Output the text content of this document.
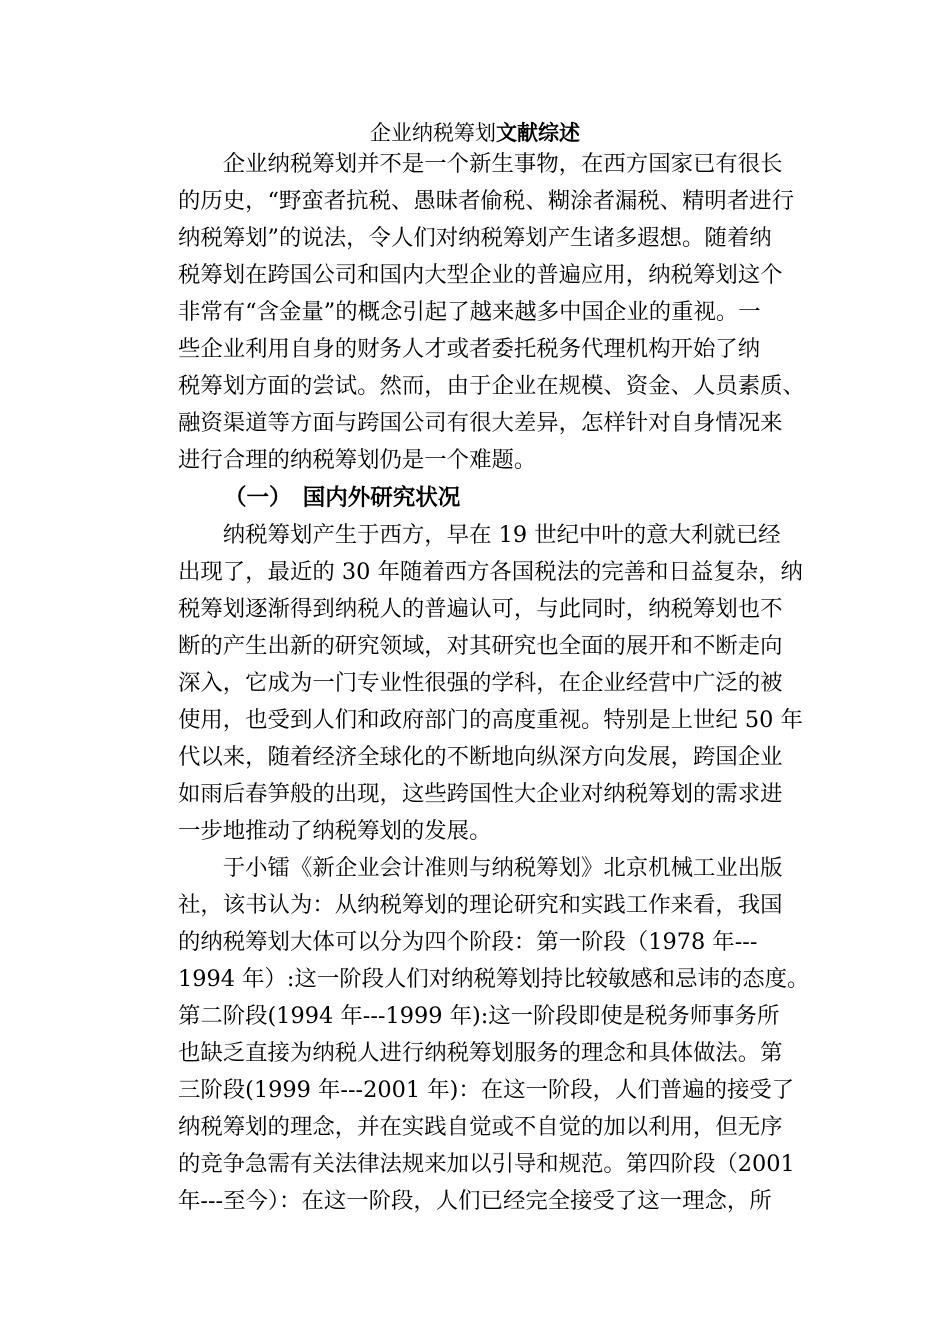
企业纳税筹划文献综述
　　企业纳税筹划并不是一个新生事物，在西方国家已有很长
的历史，“野蛮者抗税、愚昧者偷税、糊涂者漏税、精明者进行
纳税筹划”的说法，令人们对纳税筹划产生诸多遐想。随着纳
税筹划在跨国公司和国内大型企业的普遍应用，纳税筹划这个
非常有“含金量”的概念引起了越来越多中国企业的重视。一
些企业利用自身的财务人才或者委托税务代理机构开始了纳
税筹划方面的尝试。然而，由于企业在规模、资金、人员素质、
融资渠道等方面与跨国公司有很大差异，怎样针对自身情况来
进行合理的纳税筹划仍是一个难题。
（一）　国内外研究状况
　　纳税筹划产生于西方，早在 19 世纪中叶的意大利就已经
出现了，最近的 30 年随着西方各国税法的完善和日益复杂，纳
税筹划逐渐得到纳税人的普遍认可，与此同时，纳税筹划也不
断的产生出新的研究领域，对其研究也全面的展开和不断走向
深入，它成为一门专业性很强的学科，在企业经营中广泛的被
使用，也受到人们和政府部门的高度重视。特别是上世纪 50 年
代以来，随着经济全球化的不断地向纵深方向发展，跨国企业
如雨后春笋般的出现，这些跨国性大企业对纳税筹划的需求进
一步地推动了纳税筹划的发展。
　　于小镭《新企业会计准则与纳税筹划》北京机械工业出版
社，该书认为：从纳税筹划的理论研究和实践工作来看，我国
的纳税筹划大体可以分为四个阶段：第一阶段（1978 年---
1994 年）:这一阶段人们对纳税筹划持比较敏感和忌讳的态度。
第二阶段(1994 年---1999 年):这一阶段即使是税务师事务所
也缺乏直接为纳税人进行纳税筹划服务的理念和具体做法。第
三阶段(1999 年---2001 年)：在这一阶段，人们普遍的接受了
纳税筹划的理念，并在实践自觉或不自觉的加以利用，但无序
的竞争急需有关法律法规来加以引导和规范。第四阶段（2001
年---至今）：在这一阶段，人们已经完全接受了这一理念，所
